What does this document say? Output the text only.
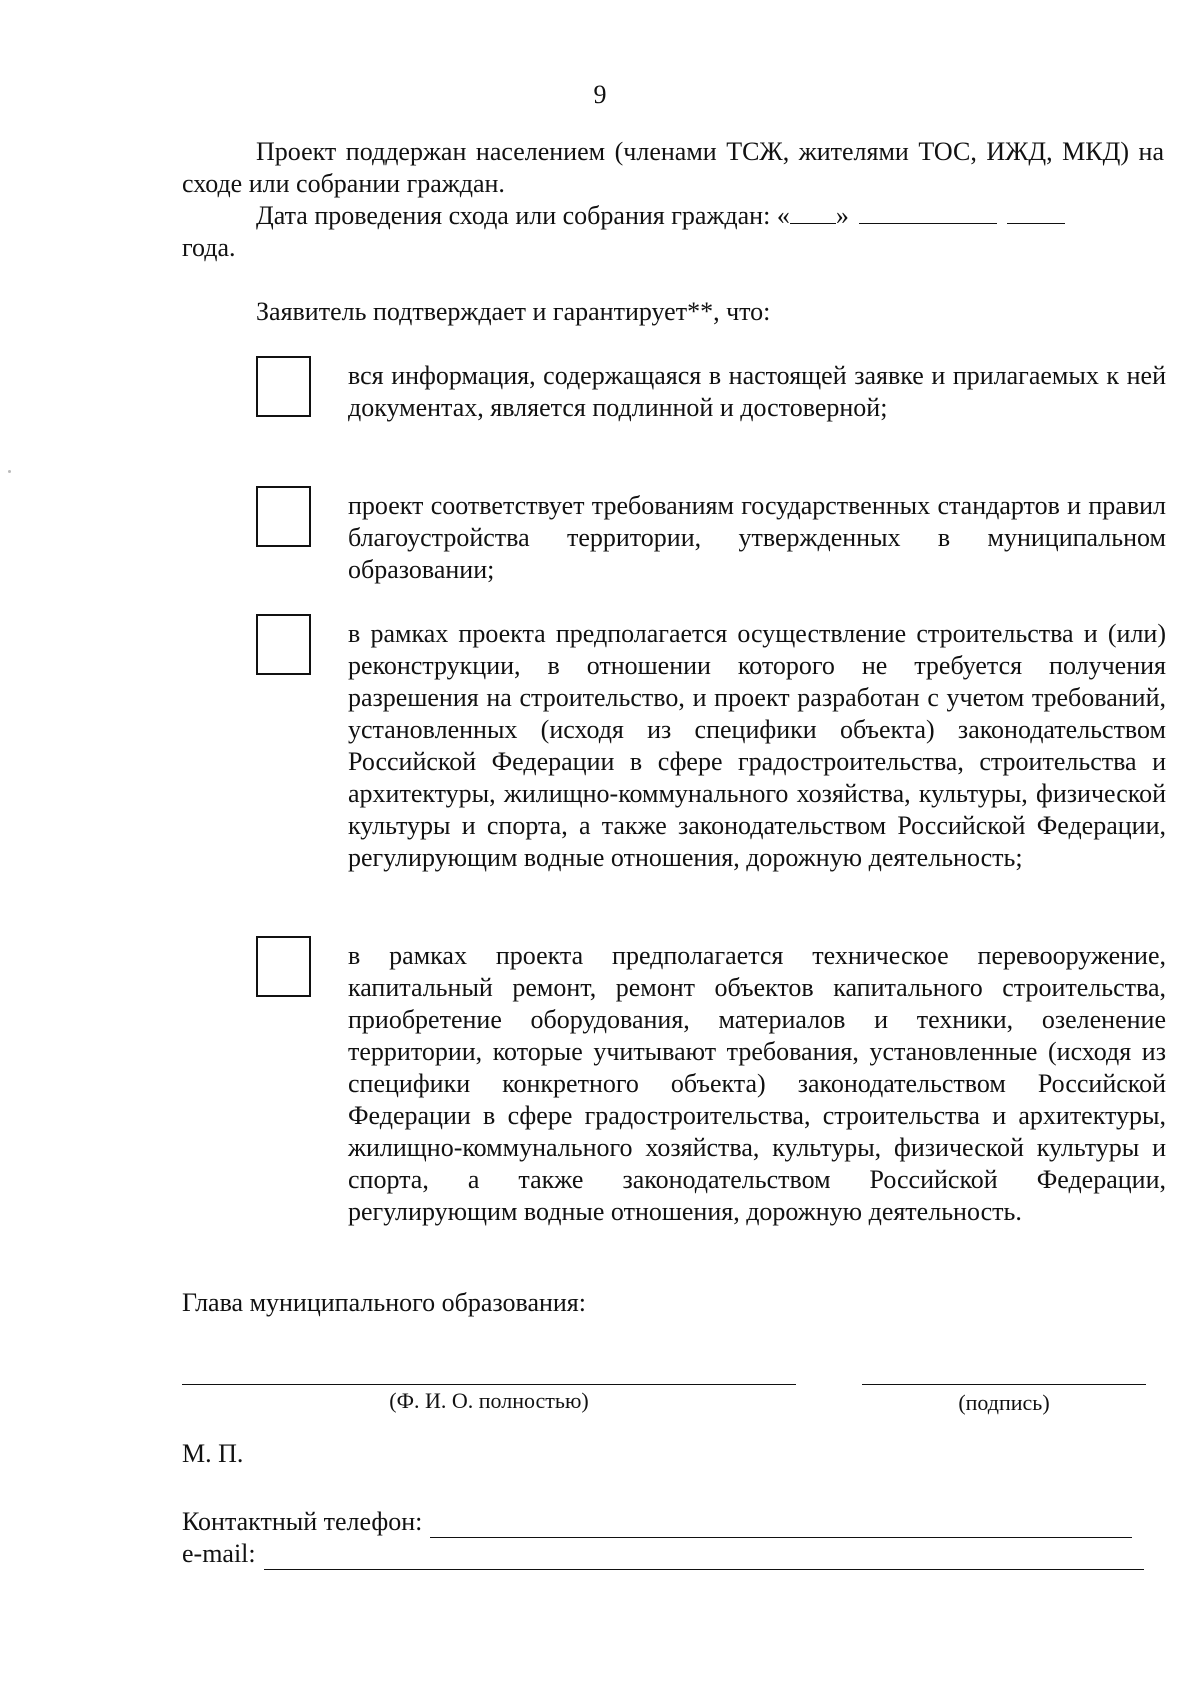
9
Проект поддержан населением (членами ТСЖ, жителями ТОС, ИЖД, МКД) на сходе или собрании граждан.
Дата проведения схода или собрания граждан: « »
года.
Заявитель подтверждает и гарантирует**, что:
вся информация, содержащаяся в настоящей заявке и прилагаемых к ней документах, является подлинной и достоверной;
проект соответствует требованиям государственных стандартов и правил благоустройства территории, утвержденных в муниципальном образовании;
в рамках проекта предполагается осуществление строительства и (или) реконструкции, в отношении которого не требуется получения разрешения на строительство, и проект разработан с учетом требований, установленных (исходя из специфики объекта) законодательством Российской Федерации в сфере градостроительства, строительства и архитектуры, жилищно-коммунального хозяйства, культуры, физической культуры и спорта, а также законодательством Российской Федерации, регулирующим водные отношения, дорожную деятельность;
в рамках проекта предполагается техническое перевооружение, капитальный ремонт, ремонт объектов капитального строительства, приобретение оборудования, материалов и техники, озеленение территории, которые учитывают требования, установленные (исходя из специфики конкретного объекта) законодательством Российской Федерации в сфере градостроительства, строительства и архитектуры, жилищно-коммунального хозяйства, культуры, физической культуры и спорта, а также законодательством Российской Федерации, регулирующим водные отношения, дорожную деятельность.
Глава муниципального образования:
(Ф. И. О. полностью)	(подпись)
М. П.
Контактный телефон:
e-mail:
